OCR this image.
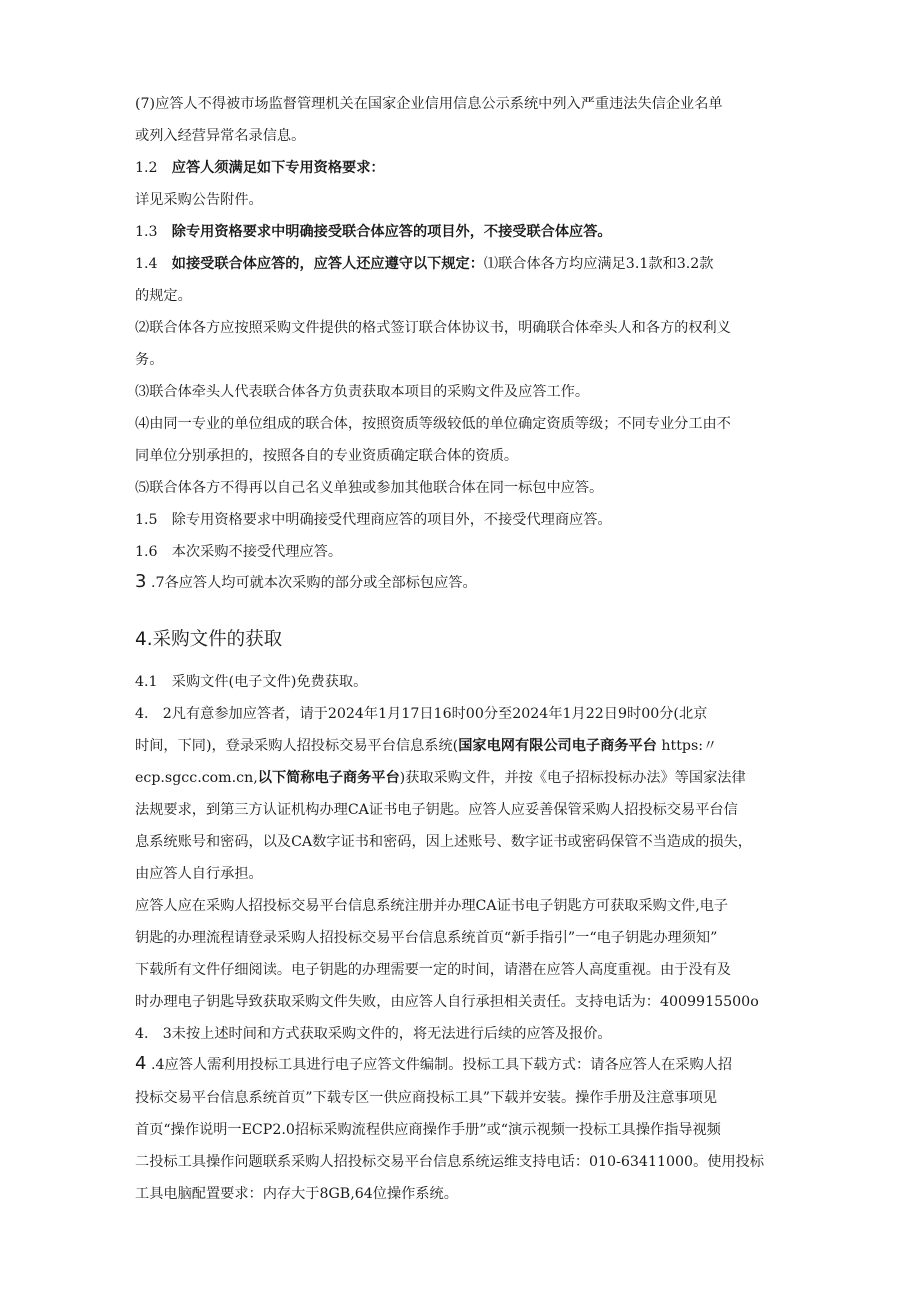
(7)应答人不得被市场监督管理机关在国家企业信用信息公示系统中列入严重违法失信企业名单
或列入经营异常名录信息。
1.2　 应答人须满足如下专用资格要求：
详见采购公告附件。
1.3　 除专用资格要求中明确接受联合体应答的项目外，不接受联合体应答。
1.4　 如接受联合体应答的，应答人还应遵守以下规定：⑴联合体各方均应满足3.1款和3.2款
的规定。
⑵联合体各方应按照采购文件提供的格式签订联合体协议书，明确联合体牵头人和各方的权利义
务。
⑶联合体牵头人代表联合体各方负责获取本项目的采购文件及应答工作。
⑷由同一专业的单位组成的联合体，按照资质等级较低的单位确定资质等级；不同专业分工由不
同单位分别承担的，按照各自的专业资质确定联合体的资质。
⑸联合体各方不得再以自己名义单独或参加其他联合体在同一标包中应答。
1.5　 除专用资格要求中明确接受代理商应答的项目外，不接受代理商应答。
1.6　 本次采购不接受代理应答。
3 .7各应答人均可就本次采购的部分或全部标包应答。
4.采购文件的获取
4.1　 采购文件(电子文件)免费获取。
4.　2凡有意参加应答者，请于2024年1月17日16时00分至2024年1月22日9时00分(北京
时间，下同)，登录采购人招投标交易平台信息系统(国家电网有限公司电子商务平台 https:〃
ecp.sgcc.com.cn,以下简称电子商务平台)获取采购文件，并按《电子招标投标办法》等国家法律
法规要求，到第三方认证机构办理CA证书电子钥匙。应答人应妥善保管采购人招投标交易平台信
息系统账号和密码，以及CA数字证书和密码，因上述账号、数字证书或密码保管不当造成的损失，
由应答人自行承担。
应答人应在采购人招投标交易平台信息系统注册并办理CA证书电子钥匙方可获取采购文件,电子
钥匙的办理流程请登录采购人招投标交易平台信息系统首页“新手指引”一“电子钥匙办理须知”
下载所有文件仔细阅读。电子钥匙的办理需要一定的时间，请潜在应答人高度重视。由于没有及
时办理电子钥匙导致获取采购文件失败，由应答人自行承担相关责任。支持电话为：4009915500o
4.　3未按上述时间和方式获取采购文件的，将无法进行后续的应答及报价。
4 .4应答人需利用投标工具进行电子应答文件编制。投标工具下载方式：请各应答人在采购人招
投标交易平台信息系统首页”下载专区一供应商投标工具”下载并安装。操作手册及注意事项见
首页“操作说明一ECP2.0招标采购流程供应商操作手册”或“演示视频一投标工具操作指导视频
二投标工具操作问题联系采购人招投标交易平台信息系统运维支持电话：010-63411000。使用投标
工具电脑配置要求：内存大于8GB,64位操作系统。
